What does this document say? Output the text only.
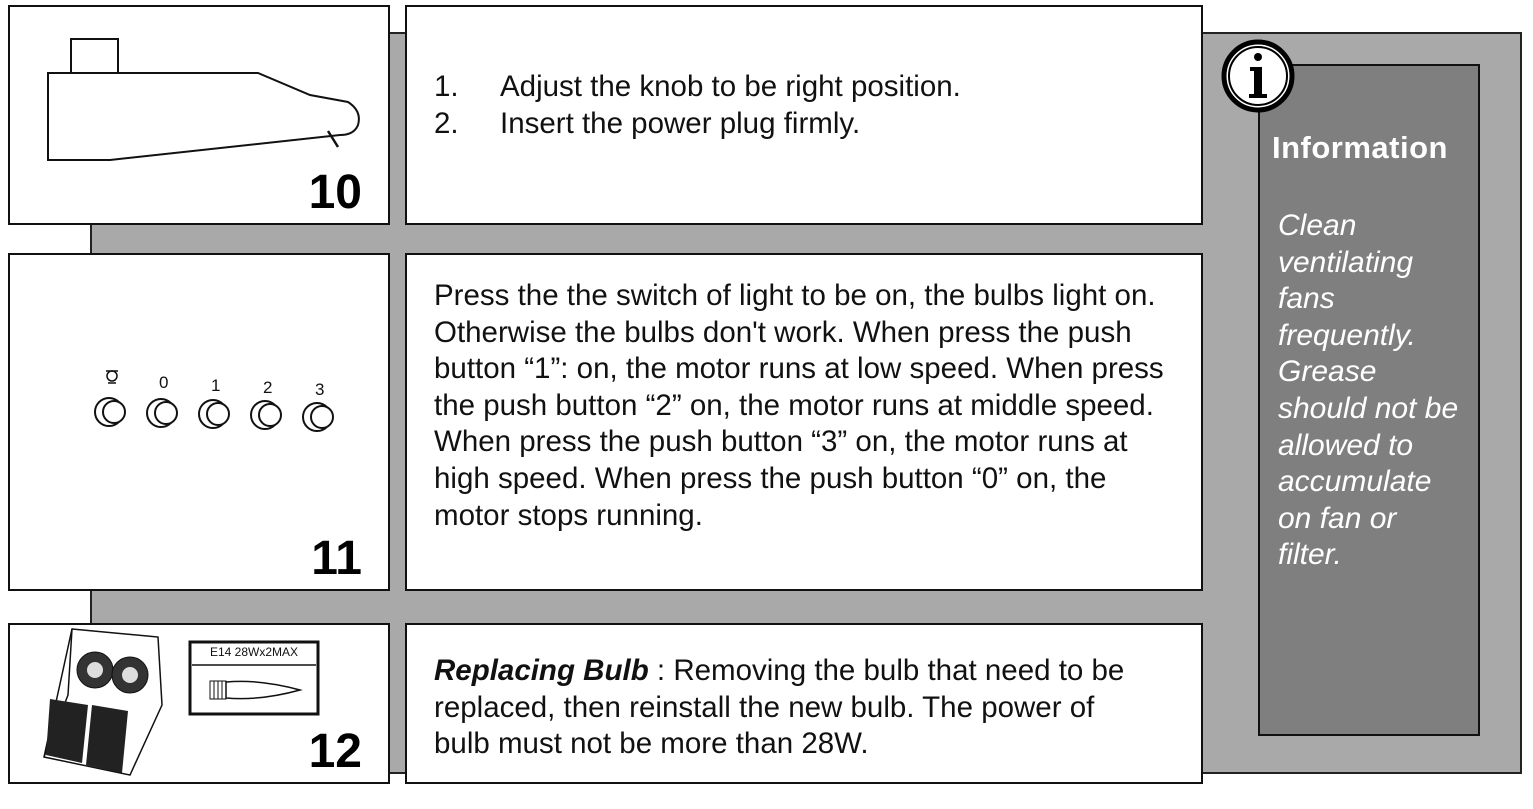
10
1.	Adjust the knob to be right position.
2.	Insert the power plug firmly.
0	1	2	3
11
Press the the switch of light to be on, the bulbs light on. Otherwise the bulbs don't work. When press the push button “1”: on, the motor runs at low speed. When press the push button “2” on, the motor runs at middle speed. When press the push button “3” on, the motor runs at high speed. When press the push button “0” on, the motor stops running.
E14 28Wx2MAX
12
Replacing Bulb : Removing the bulb that need to be replaced, then reinstall the new bulb. The power of bulb must not be more than 28W.
Information
Clean ventilating fans frequently. Grease should not be allowed to accumulate on fan or filter.
